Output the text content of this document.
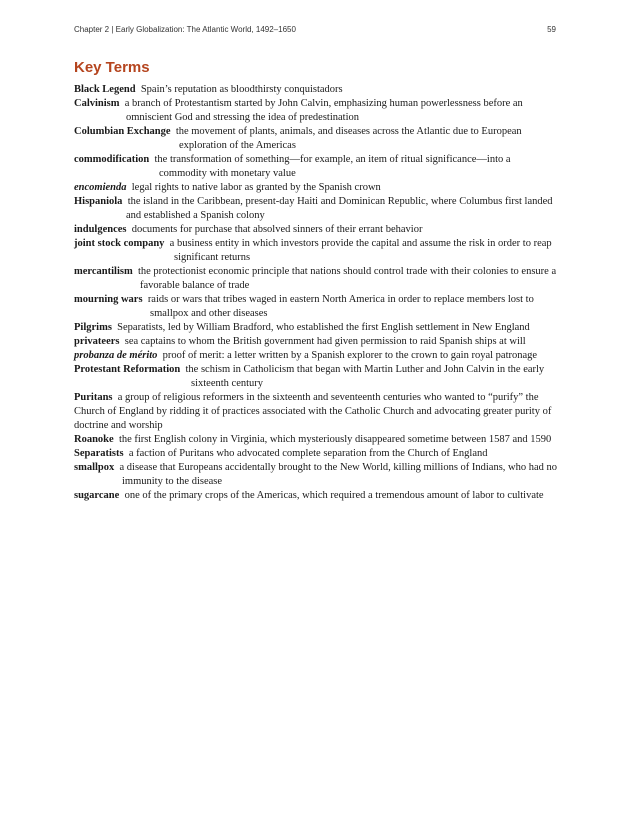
Chapter 2 | Early Globalization: The Atlantic World, 1492–1650	59
Key Terms

Black Legend Spain’s reputation as bloodthirsty conquistadors

Calvinism a branch of Protestantism started by John Calvin, emphasizing human powerlessness before an omniscient God and stressing the idea of predestination

Columbian Exchange the movement of plants, animals, and diseases across the Atlantic due to European exploration of the Americas

commodification the transformation of something—for example, an item of ritual significance—into a commodity with monetary value

encomienda legal rights to native labor as granted by the Spanish crown

Hispaniola the island in the Caribbean, present-day Haiti and Dominican Republic, where Columbus first landed and established a Spanish colony

indulgences documents for purchase that absolved sinners of their errant behavior

joint stock company a business entity in which investors provide the capital and assume the risk in order to reap significant returns

mercantilism the protectionist economic principle that nations should control trade with their colonies to ensure a favorable balance of trade

mourning wars raids or wars that tribes waged in eastern North America in order to replace members lost to smallpox and other diseases

Pilgrims Separatists, led by William Bradford, who established the first English settlement in New England

privateers sea captains to whom the British government had given permission to raid Spanish ships at will

probanza de mérito proof of merit: a letter written by a Spanish explorer to the crown to gain royal patronage

Protestant Reformation the schism in Catholicism that began with Martin Luther and John Calvin in the early sixteenth century

Puritans a group of religious reformers in the sixteenth and seventeenth centuries who wanted to “purify” the Church of England by ridding it of practices associated with the Catholic Church and advocating greater purity of doctrine and worship

Roanoke the first English colony in Virginia, which mysteriously disappeared sometime between 1587 and 1590

Separatists a faction of Puritans who advocated complete separation from the Church of England

smallpox a disease that Europeans accidentally brought to the New World, killing millions of Indians, who had no immunity to the disease

sugarcane one of the primary crops of the Americas, which required a tremendous amount of labor to cultivate
